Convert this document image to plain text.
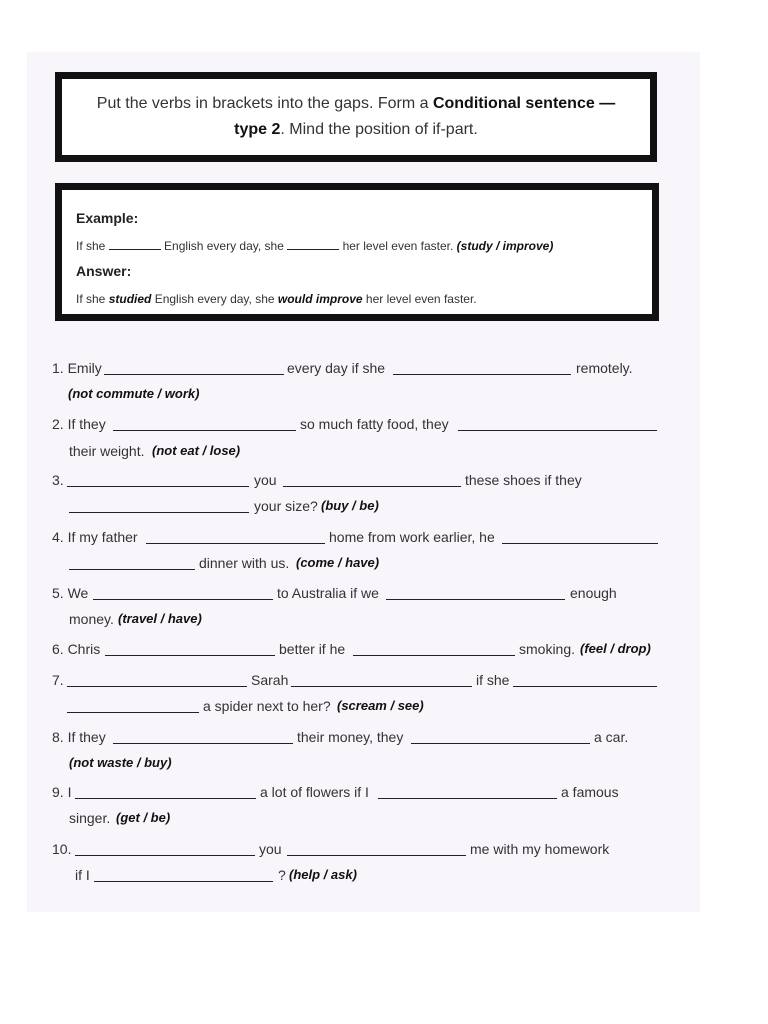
Put the verbs in brackets into the gaps. Form a Conditional sentence —
type 2. Mind the position of if-part.
Example:
If she	English every day, she	her level even faster. (study / improve)
Answer:
If she studied English every day, she would improve her level even faster.
1. Emily	every day if she	remotely.
(not commute / work)
2. If they	so much fatty food, they
their weight. (not eat / lose)
3.	you	these shoes if they
your size? (buy / be)
4. If my father	home from work earlier, he
dinner with us. (come / have)
5. We	to Australia if we	enough
money. (travel / have)
6. Chris	better if he	smoking. (feel / drop)
7.	Sarah	if she
a spider next to her? (scream / see)
8. If they	their money, they	a car.
(not waste / buy)
9. I	a lot of flowers if I	a famous
singer. (get / be)
10.	you	me with my homework
if I	? (help / ask)
